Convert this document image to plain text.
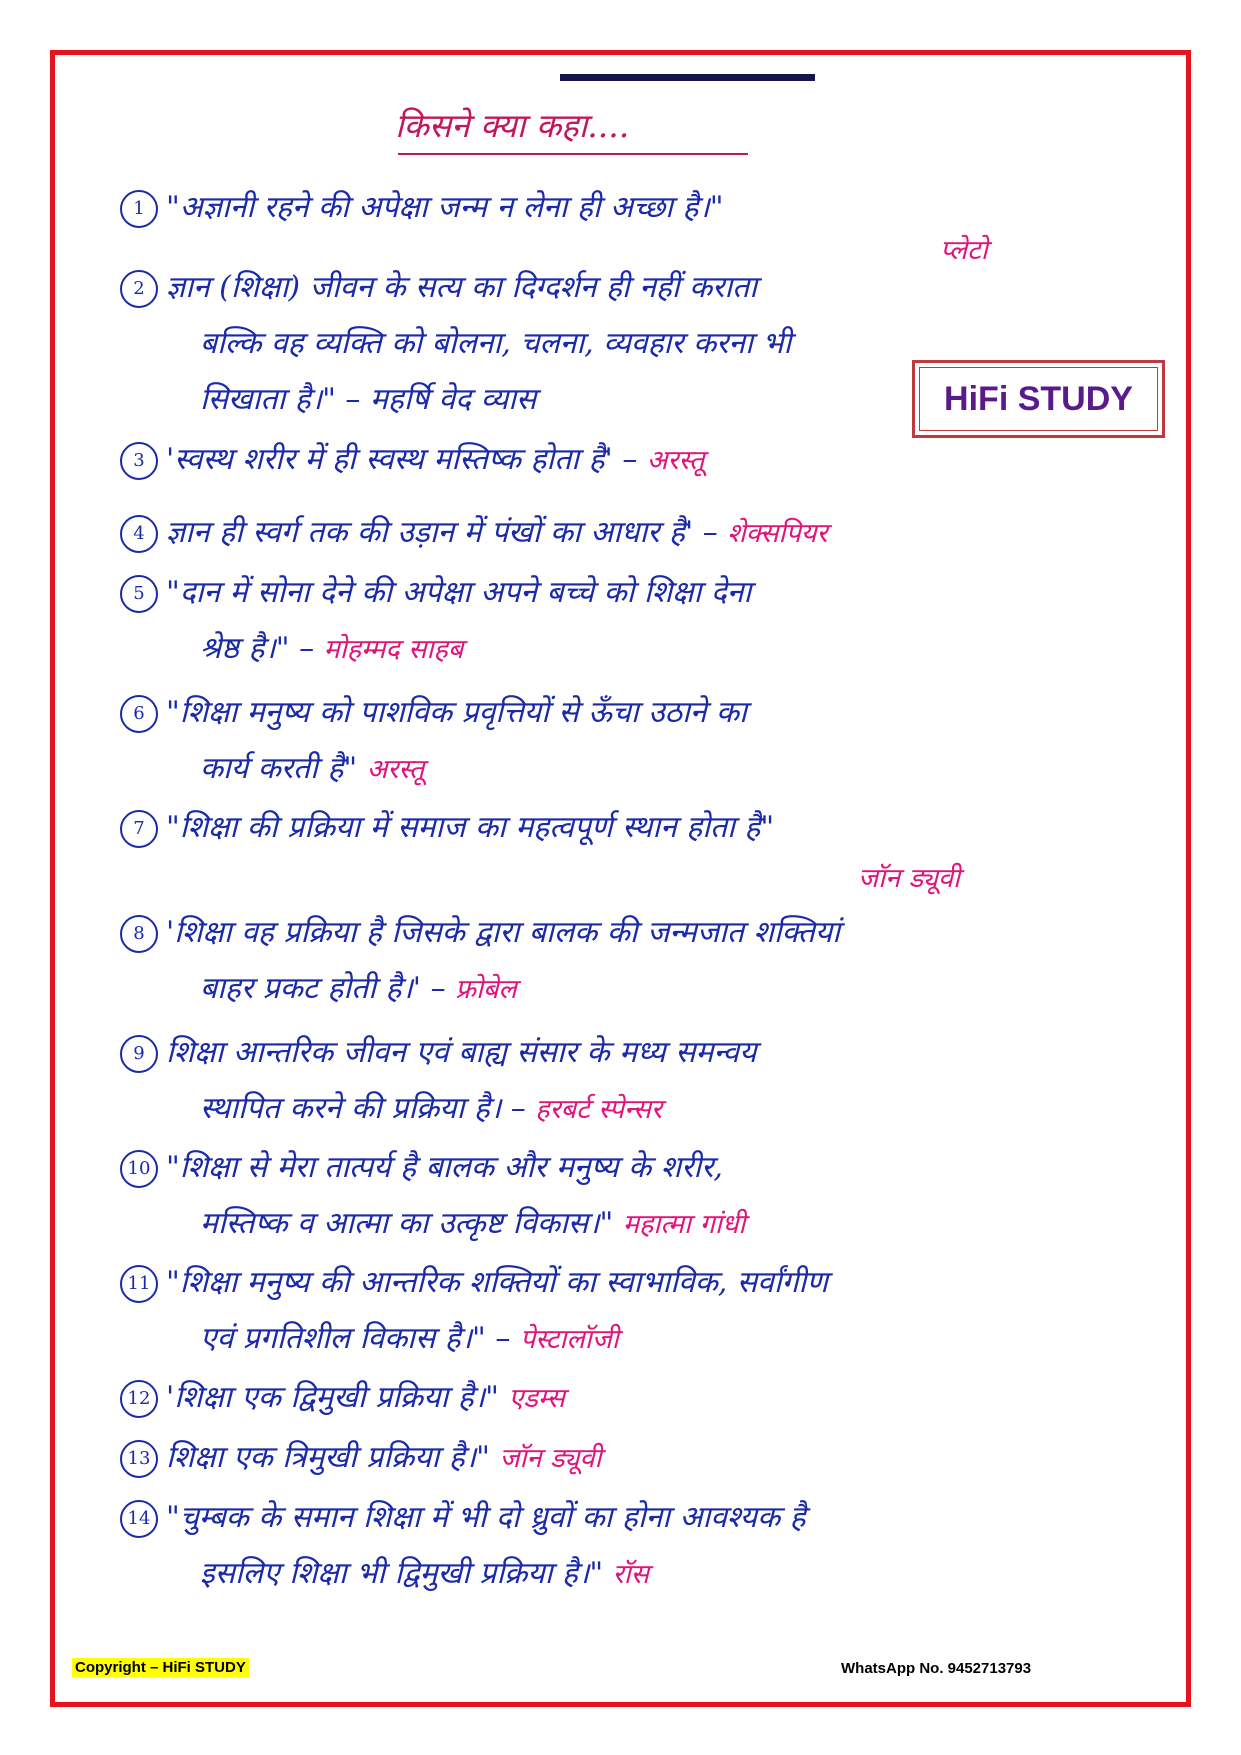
किसने क्या कहा....
1 "अज्ञानी रहने की अपेक्षा जन्म न लेना ही अच्छा है।"
प्लेटो
2 ज्ञान (शिक्षा) जीवन के सत्य का दिग्दर्शन ही नहीं कराता
बल्कि वह व्यक्ति को बोलना, चलना, व्यवहार करना भी
सिखाता है।" – महर्षि वेद व्यास	HiFi STUDY
3 'स्वस्थ शरीर में ही स्वस्थ मस्तिष्क होता है' – अरस्तू
4 ज्ञान ही स्वर्ग तक की उड़ान में पंखों का आधार है' – शेक्सपियर
5 "दान में सोना देने की अपेक्षा अपने बच्चे को शिक्षा देना
श्रेष्ठ है।" – मोहम्मद साहब
6 "शिक्षा मनुष्य को पाशविक प्रवृत्तियों से ऊँचा उठाने का
कार्य करती है" अरस्तू
7 "शिक्षा की प्रक्रिया में समाज का महत्वपूर्ण स्थान होता है"
जॉन ड्यूवी
8 'शिक्षा वह प्रक्रिया है जिसके द्वारा बालक की जन्मजात शक्तियां
बाहर प्रकट होती है।' – फ्रोबेल
9 शिक्षा आन्तरिक जीवन एवं बाह्य संसार के मध्य समन्वय
स्थापित करने की प्रक्रिया है। – हरबर्ट स्पेन्सर
10 "शिक्षा से मेरा तात्पर्य है बालक और मनुष्य के शरीर,
मस्तिष्क व आत्मा का उत्कृष्ट विकास।" महात्मा गांधी
11 "शिक्षा मनुष्य की आन्तरिक शक्तियों का स्वाभाविक, सर्वांगीण
एवं प्रगतिशील विकास है।" – पेस्टालॉजी
12 'शिक्षा एक द्विमुखी प्रक्रिया है।" एडम्स
13 शिक्षा एक त्रिमुखी प्रक्रिया है।" जॉन ड्यूवी
14 "चुम्बक के समान शिक्षा में भी दो ध्रुवों का होना आवश्यक है
इसलिए शिक्षा भी द्विमुखी प्रक्रिया है।" रॉस
Copyright – HiFi STUDY	WhatsApp No. 9452713793
